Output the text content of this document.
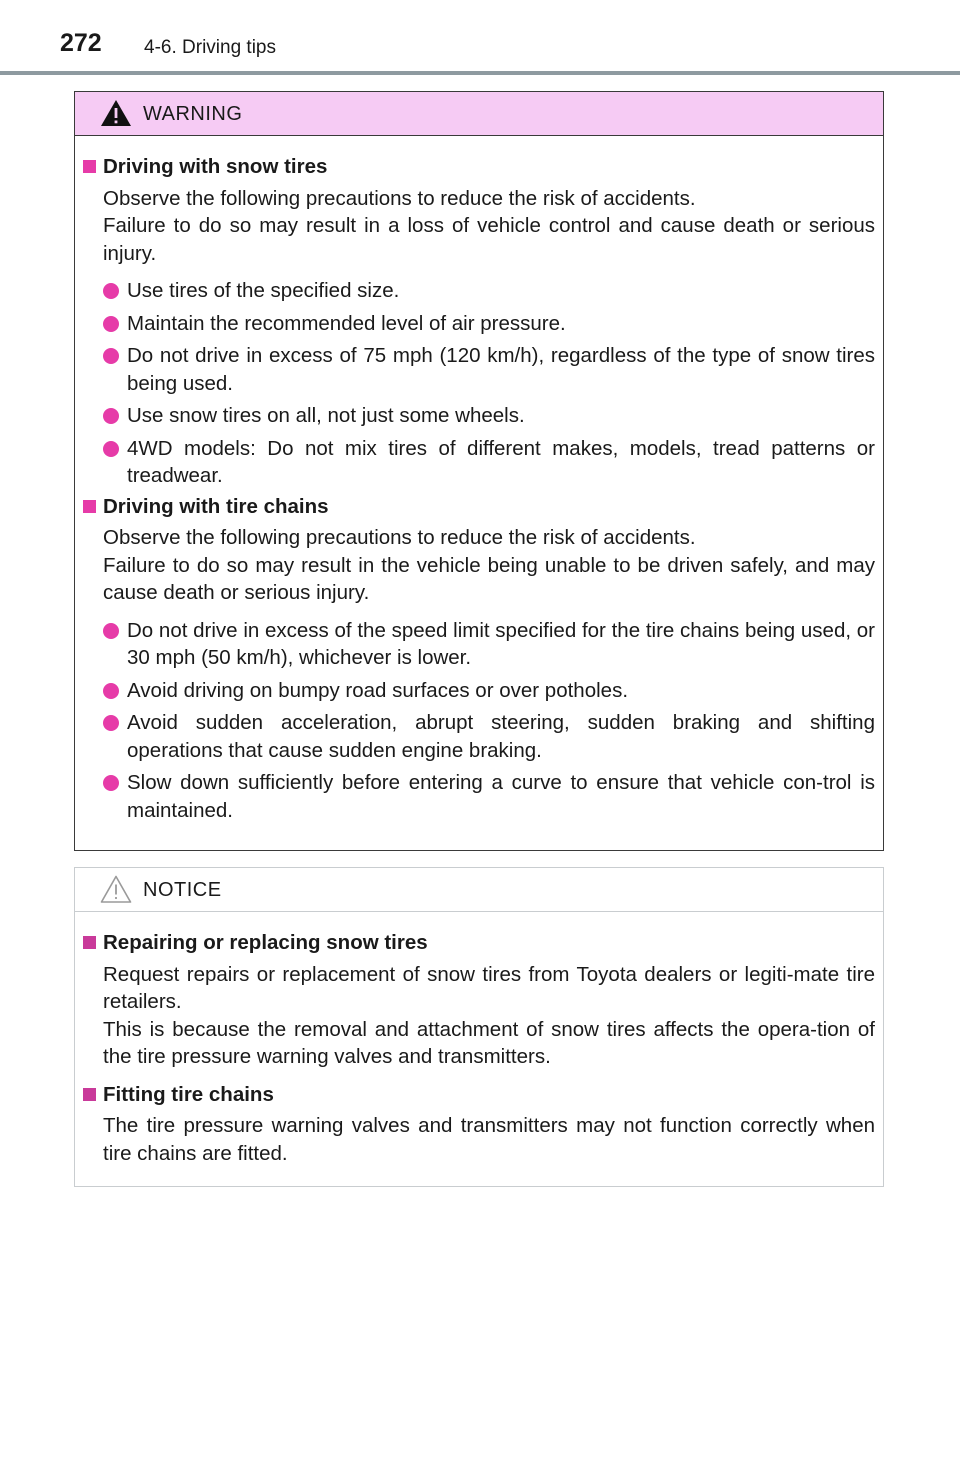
272 4-6. Driving tips
WARNING
Driving with snow tires
Observe the following precautions to reduce the risk of accidents.
Failure to do so may result in a loss of vehicle control and cause death or serious injury.
Use tires of the specified size.
Maintain the recommended level of air pressure.
Do not drive in excess of 75 mph (120 km/h), regardless of the type of snow tires being used.
Use snow tires on all, not just some wheels.
4WD models: Do not mix tires of different makes, models, tread patterns or treadwear.
Driving with tire chains
Observe the following precautions to reduce the risk of accidents.
Failure to do so may result in the vehicle being unable to be driven safely, and may cause death or serious injury.
Do not drive in excess of the speed limit specified for the tire chains being used, or 30 mph (50 km/h), whichever is lower.
Avoid driving on bumpy road surfaces or over potholes.
Avoid sudden acceleration, abrupt steering, sudden braking and shifting operations that cause sudden engine braking.
Slow down sufficiently before entering a curve to ensure that vehicle con-trol is maintained.
NOTICE
Repairing or replacing snow tires
Request repairs or replacement of snow tires from Toyota dealers or legiti-mate tire retailers.
This is because the removal and attachment of snow tires affects the opera-tion of the tire pressure warning valves and transmitters.
Fitting tire chains
The tire pressure warning valves and transmitters may not function correctly when tire chains are fitted.
